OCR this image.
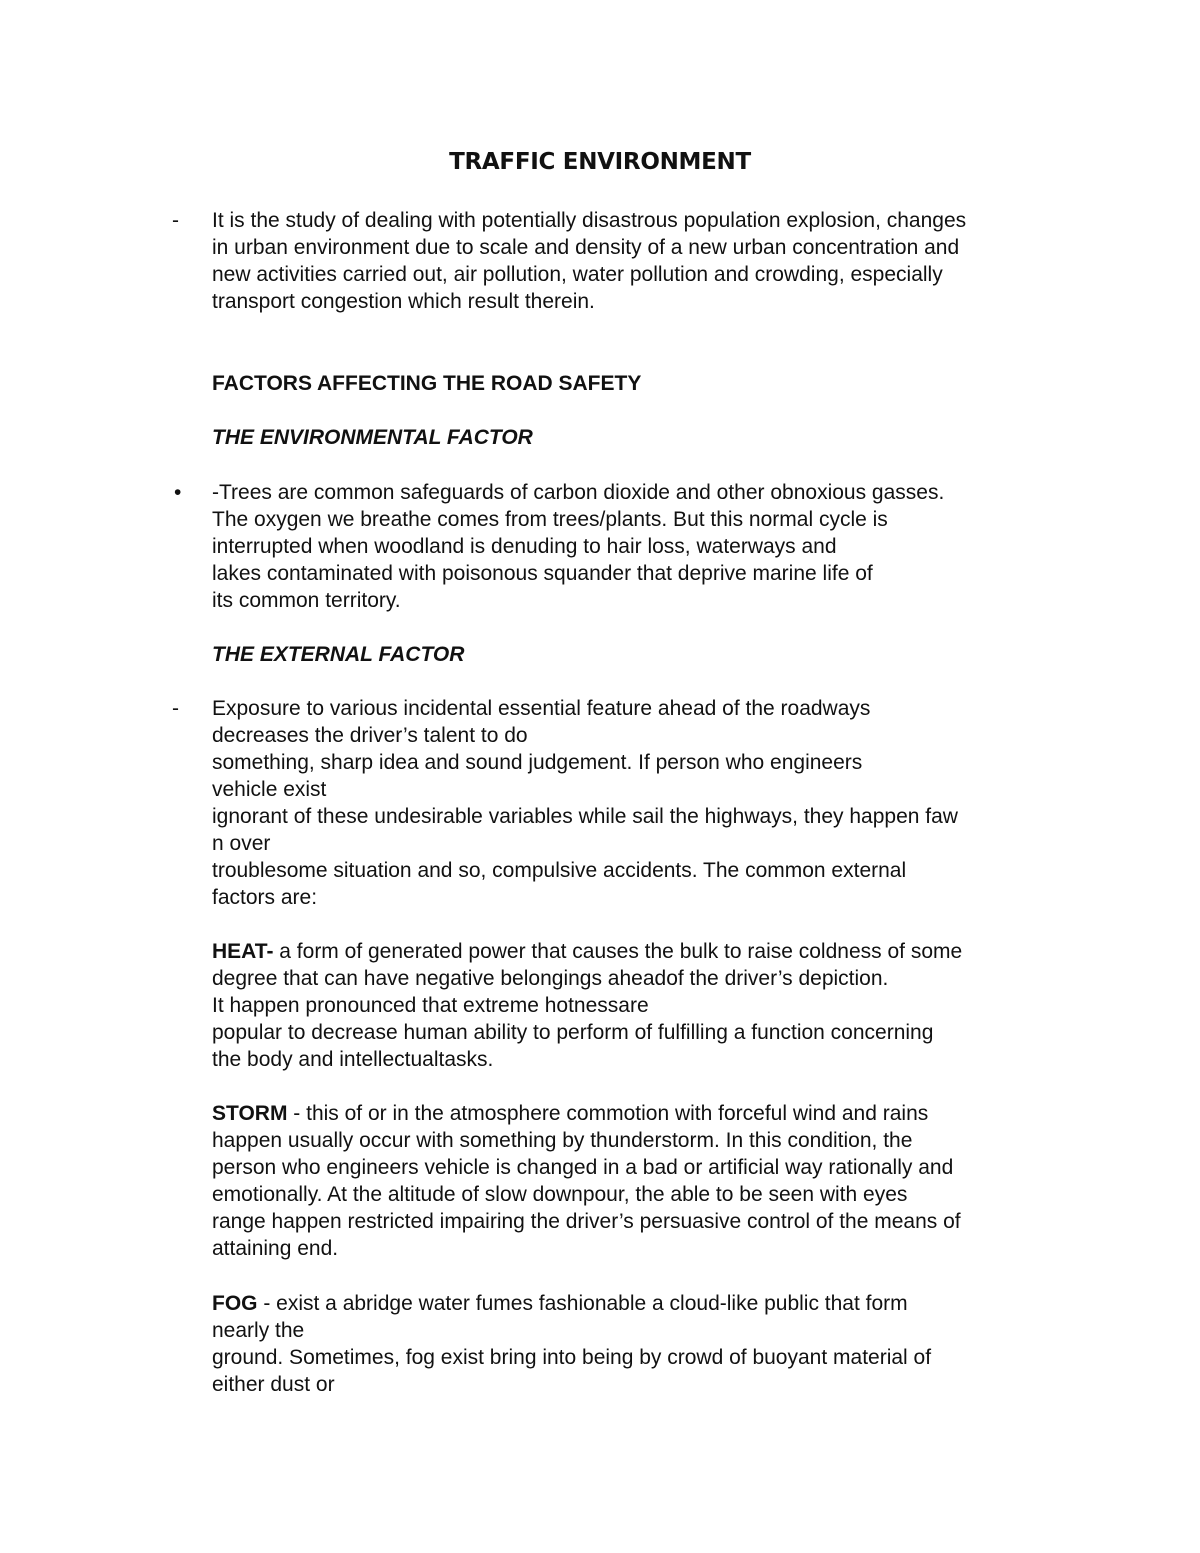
TRAFFIC ENVIRONMENT
- It is the study of dealing with potentially disastrous population explosion, changes
in urban environment due to scale and density of a new urban concentration and
new activities carried out, air pollution, water pollution and crowding, especially
transport congestion which result therein.
FACTORS AFFECTING THE ROAD SAFETY
THE ENVIRONMENTAL FACTOR
• -Trees are common safeguards of carbon dioxide and other obnoxious gasses.
The oxygen we breathe comes from trees/plants. But this normal cycle is
interrupted when woodland is denuding to hair loss, waterways and
lakes contaminated with poisonous squander that deprive marine life of
its common territory.
THE EXTERNAL FACTOR
- Exposure to various incidental essential feature ahead of the roadways
decreases the driver’s talent to do
something, sharp idea and sound judgement. If person who engineers
vehicle exist
ignorant of these undesirable variables while sail the highways, they happen faw
n over
troublesome situation and so, compulsive accidents. The common external
factors are:
HEAT- a form of generated power that causes the bulk to raise coldness of some
degree that can have negative belongings aheadof the driver’s depiction.
It happen pronounced that extreme hotnessare
popular to decrease human ability to perform of fulfilling a function concerning
the body and intellectualtasks.
STORM - this of or in the atmosphere commotion with forceful wind and rains
happen usually occur with something by thunderstorm. In this condition, the
person who engineers vehicle is changed in a bad or artificial way rationally and
emotionally. At the altitude of slow downpour, the able to be seen with eyes
range happen restricted impairing the driver’s persuasive control of the means of
attaining end.
FOG - exist a abridge water fumes fashionable a cloud-like public that form
nearly the
ground. Sometimes, fog exist bring into being by crowd of buoyant material of
either dust or
